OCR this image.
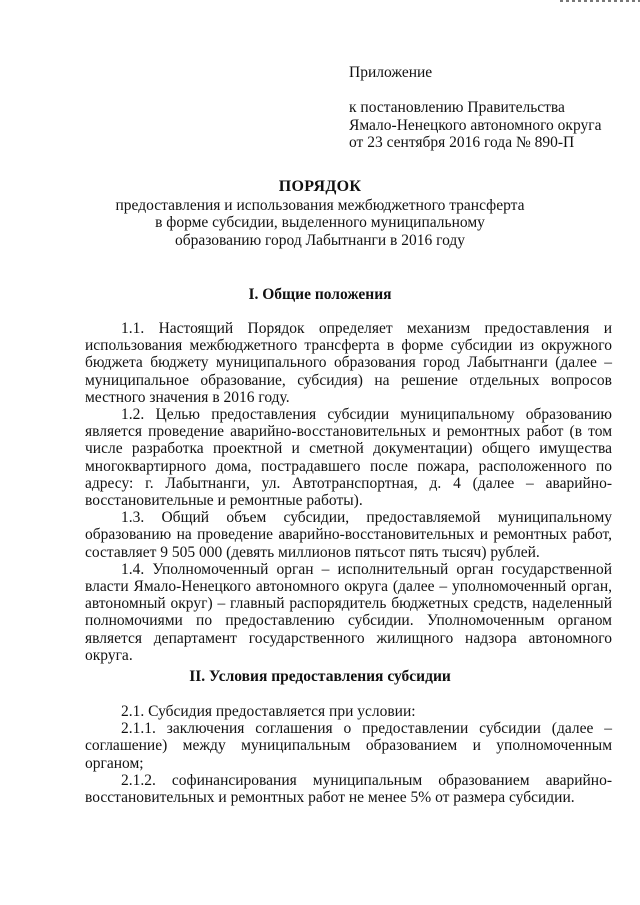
Приложение
к постановлению Правительства
Ямало-Ненецкого автономного округа
от 23 сентября 2016 года № 890-П
ПОРЯДОК
предоставления и использования межбюджетного трансферта
в форме субсидии, выделенного муниципальному
образованию город Лабытнанги в 2016 году
I. Общие положения

1.1. Настоящий Порядок определяет механизм предоставления и использования межбюджетного трансферта в форме субсидии из окружного бюджета бюджету муниципального образования город Лабытнанги (далее – муниципальное образование, субсидия) на решение отдельных вопросов местного значения в 2016 году.

1.2. Целью предоставления субсидии муниципальному образованию является проведение аварийно-восстановительных и ремонтных работ (в том числе разработка проектной и сметной документации) общего имущества многоквартирного дома, пострадавшего после пожара, расположенного по адресу: г. Лабытнанги, ул. Автотранспортная, д. 4 (далее – аварийно-восстановительные и ремонтные работы).

1.3. Общий объем субсидии, предоставляемой муниципальному образованию на проведение аварийно-восстановительных и ремонтных работ, составляет 9 505 000 (девять миллионов пятьсот пять тысяч) рублей.

1.4. Уполномоченный орган – исполнительный орган государственной власти Ямало-Ненецкого автономного округа (далее – уполномоченный орган, автономный округ) – главный распорядитель бюджетных средств, наделенный полномочиями по предоставлению субсидии. Уполномоченным органом является департамент государственного жилищного надзора автономного округа.

II. Условия предоставления субсидии

2.1. Субсидия предоставляется при условии:

2.1.1. заключения соглашения о предоставлении субсидии (далее – соглашение) между муниципальным образованием и уполномоченным органом;

2.1.2. софинансирования муниципальным образованием аварийно-восстановительных и ремонтных работ не менее 5% от размера субсидии.
